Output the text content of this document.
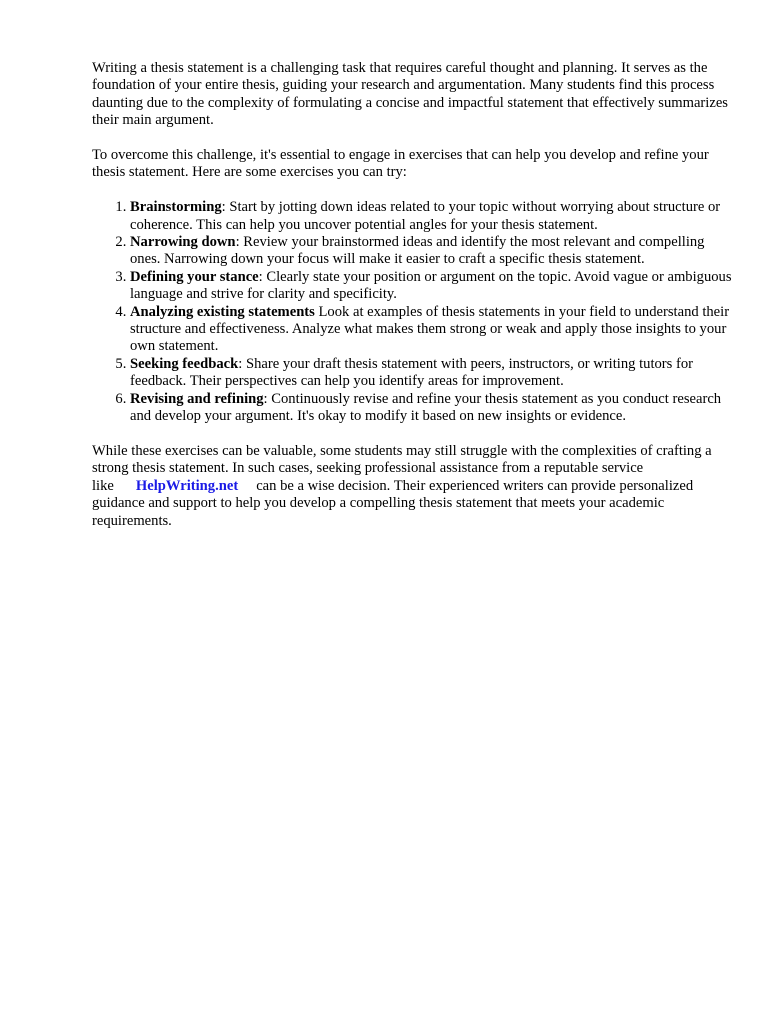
Writing a thesis statement is a challenging task that requires careful thought and planning. It serves as the foundation of your entire thesis, guiding your research and argumentation. Many students find this process daunting due to the complexity of formulating a concise and impactful statement that effectively summarizes their main argument.

To overcome this challenge, it's essential to engage in exercises that can help you develop and refine your thesis statement. Here are some exercises you can try:

1. Brainstorming: Start by jotting down ideas related to your topic without worrying about structure or coherence. This can help you uncover potential angles for your thesis statement.
2. Narrowing down: Review your brainstormed ideas and identify the most relevant and compelling ones. Narrowing down your focus will make it easier to craft a specific thesis statement.
3. Defining your stance: Clearly state your position or argument on the topic. Avoid vague or ambiguous language and strive for clarity and specificity.
4. Analyzing existing statements Look at examples of thesis statements in your field to understand their structure and effectiveness. Analyze what makes them strong or weak and apply those insights to your own statement.
5. Seeking feedback: Share your draft thesis statement with peers, instructors, or writing tutors for feedback. Their perspectives can help you identify areas for improvement.
6. Revising and refining: Continuously revise and refine your thesis statement as you conduct research and develop your argument. It's okay to modify it based on new insights or evidence.

While these exercises can be valuable, some students may still struggle with the complexities of crafting a strong thesis statement. In such cases, seeking professional assistance from a reputable service like HelpWriting.net can be a wise decision. Their experienced writers can provide personalized guidance and support to help you develop a compelling thesis statement that meets your academic requirements.
